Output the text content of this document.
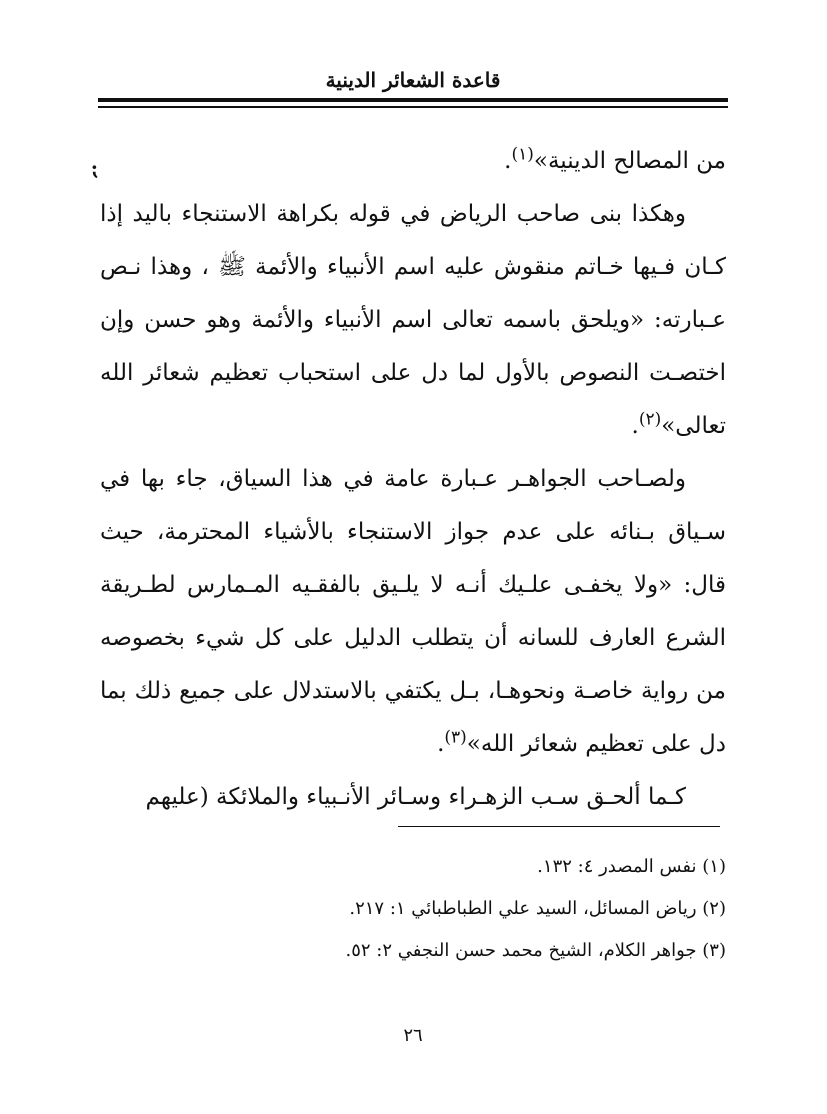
قاعدة الشعائر الدينية
⁏	من المصالح الدينية»$^{(١)}$.

وهكذا بنى صاحب الرياض في قوله بكراهة الاستنجاء باليد إذا كـان فـيها خـاتم منقوش عليه اسم الأنبياء والأئمة ﷺ ، وهذا نـص عـبارته: «ويلحق باسمه تعالى اسم الأنبياء والأئمة وهو حسن وإن اختصـت النصوص بالأول لما دل على استحباب تعظيم شعائر الله تعالى»$^{(٢)}$.

ولصـاحب الجواهـر عـبارة عامة في هذا السياق، جاء بها في سـياق بـنائه على عدم جواز الاستنجاء بالأشياء المحترمة، حيث قال: «ولا يخفـى علـيك أنـه لا يلـيق بالفقـيه المـمارس لطـريقة الشرع العارف للسانه أن يتطلب الدليل على كل شيء بخصوصه من رواية خاصـة ونحوهـا، بـل يكتفي بالاستدلال على جميع ذلك بما دل على تعظيم شعائر الله»$^{(٣)}$.

كـما ألحـق سـب الزهـراء وسـائر الأنـبياء والملائكة (عليهم

(١) نفس المصدر ٤: ١٣٢.
(٢) رياض المسائل، السيد علي الطباطبائي ١: ٢١٧.
(٣) جواهر الكلام، الشيخ محمد حسن النجفي ٢: ٥٢.
٢٦
